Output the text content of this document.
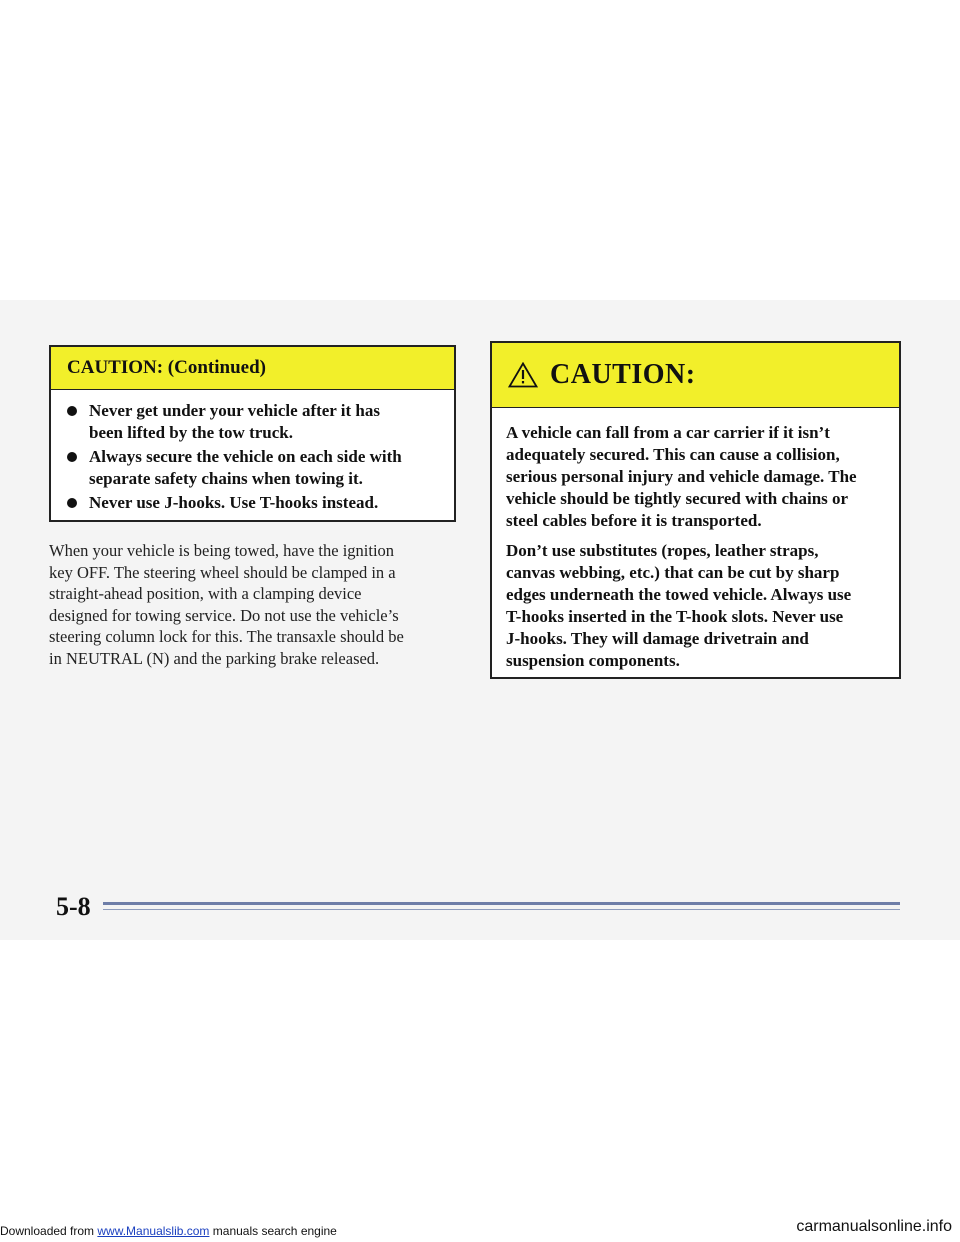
CAUTION: (Continued)
Never get under your vehicle after it has
been lifted by the tow truck.
Always secure the vehicle on each side with
separate safety chains when towing it.
Never use J-hooks. Use T-hooks instead.
When your vehicle is being towed, have the ignition
key OFF. The steering wheel should be clamped in a
straight-ahead position, with a clamping device
designed for towing service. Do not use the vehicle’s
steering column lock for this. The transaxle should be
in NEUTRAL (N) and the parking brake released.
CAUTION:

A vehicle can fall from a car carrier if it isn’t
adequately secured. This can cause a collision,
serious personal injury and vehicle damage. The
vehicle should be tightly secured with chains or
steel cables before it is transported.

Don’t use substitutes (ropes, leather straps,
canvas webbing, etc.) that can be cut by sharp
edges underneath the towed vehicle. Always use
T-hooks inserted in the T-hook slots. Never use
J-hooks. They will damage drivetrain and
suspension components.

5-8
Downloaded from www.Manualslib.com manuals search engine	carmanualsonline.info
